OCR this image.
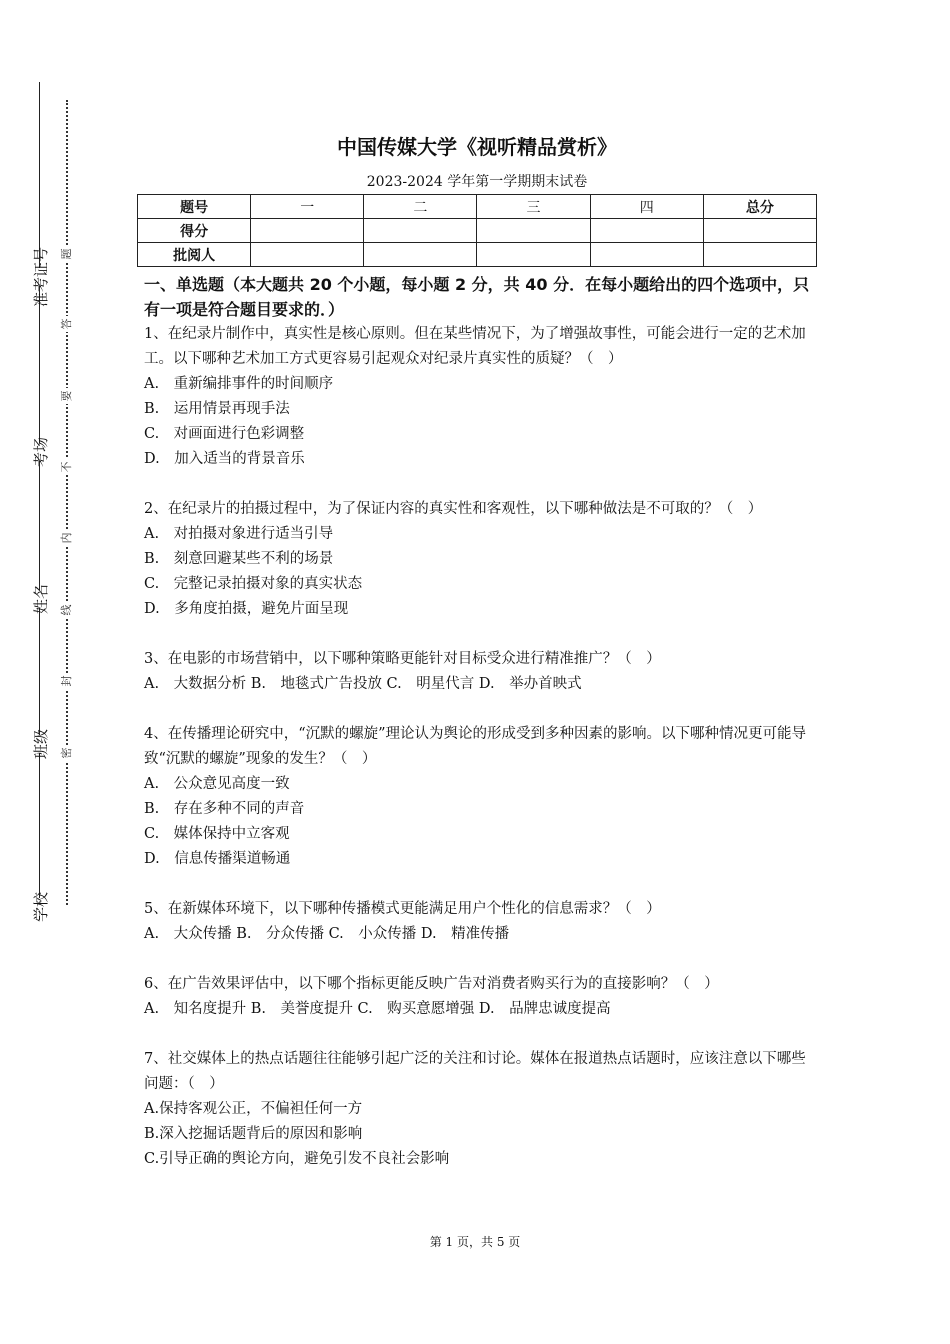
准考证号
考场
姓名
班级
学校
题
答
要
不
内
线
封
密
中国传媒大学《视听精品赏析》
2023-2024 学年第一学期期末试卷
题号	一	二	三	四	总分
得分					
批阅人					
一、单选题（本大题共 20 个小题，每小题 2 分，共 40 分．在每小题给出的四个选项中，只有一项是符合题目要求的．）
1、在纪录片制作中，真实性是核心原则。但在某些情况下，为了增强故事性，可能会进行一定的艺术加工。以下哪种艺术加工方式更容易引起观众对纪录片真实性的质疑？（　）
A.　重新编排事件的时间顺序
B.　运用情景再现手法
C.　对画面进行色彩调整
D.　加入适当的背景音乐
2、在纪录片的拍摄过程中，为了保证内容的真实性和客观性，以下哪种做法是不可取的？（　）
A.　对拍摄对象进行适当引导
B.　刻意回避某些不利的场景
C.　完整记录拍摄对象的真实状态
D.　多角度拍摄，避免片面呈现
3、在电影的市场营销中，以下哪种策略更能针对目标受众进行精准推广？（　）
A.　大数据分析 B.　地毯式广告投放 C.　明星代言 D.　举办首映式
4、在传播理论研究中，“沉默的螺旋”理论认为舆论的形成受到多种因素的影响。以下哪种情况更可能导致“沉默的螺旋”现象的发生？（　）
A.　公众意见高度一致
B.　存在多种不同的声音
C.　媒体保持中立客观
D.　信息传播渠道畅通
5、在新媒体环境下，以下哪种传播模式更能满足用户个性化的信息需求？（　）
A.　大众传播 B.　分众传播 C.　小众传播 D.　精准传播
6、在广告效果评估中，以下哪个指标更能反映广告对消费者购买行为的直接影响？（　）
A.　知名度提升 B.　美誉度提升 C.　购买意愿增强 D.　品牌忠诚度提高
7、社交媒体上的热点话题往往能够引起广泛的关注和讨论。媒体在报道热点话题时，应该注意以下哪些问题：（　）
A.保持客观公正，不偏袒任何一方
B.深入挖掘话题背后的原因和影响
C.引导正确的舆论方向，避免引发不良社会影响
第 1 页，共 5 页
